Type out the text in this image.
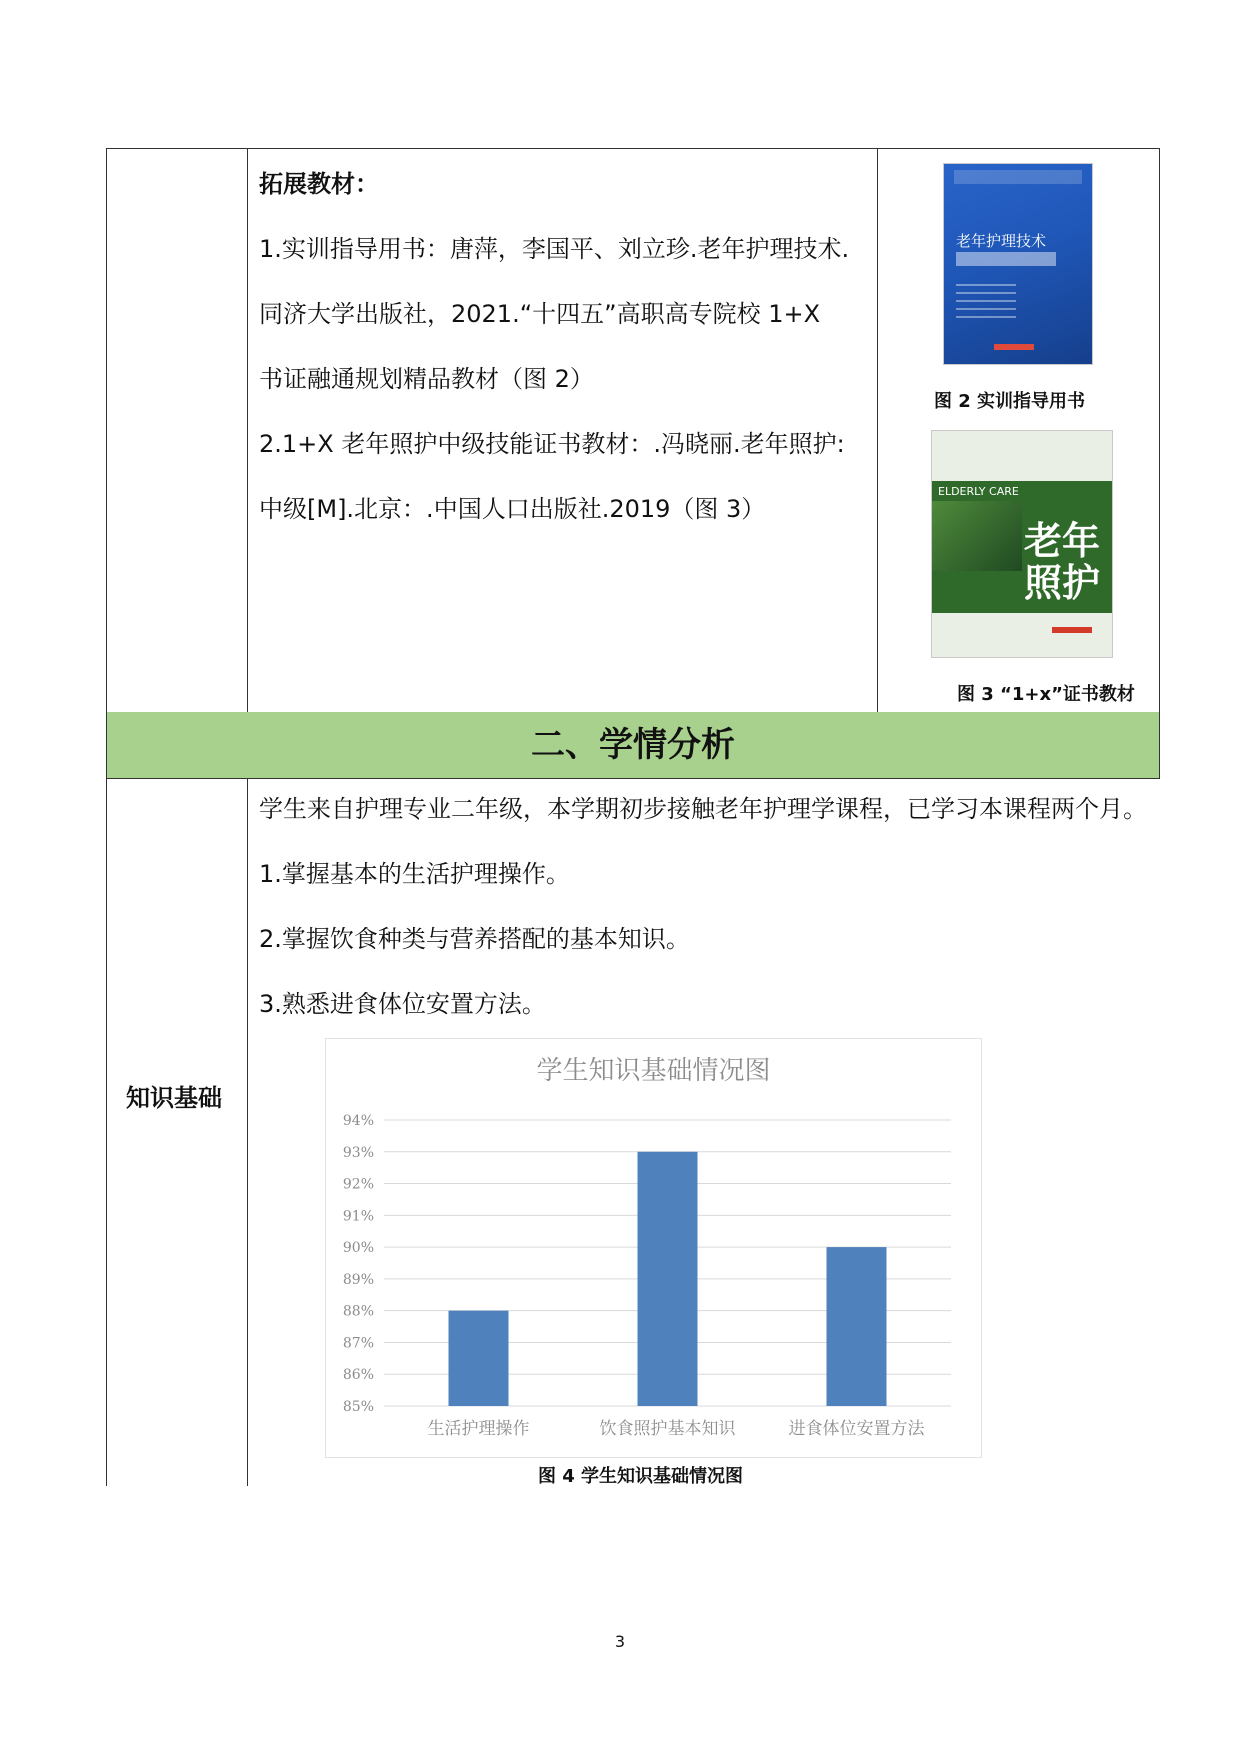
拓展教材：
1.实训指导用书：唐萍，李国平、刘立珍.老年护理技术.
同济大学出版社，2021.“十四五”高职高专院校 1+X
书证融通规划精品教材（图 2）
2.1+X 老年照护中级技能证书教材：.冯晓丽.老年照护:
中级[M].北京：.中国人口出版社.2019（图 3）
老年护理技术
图 2 实训指导用书
ELDERLY CARE
老年
照护
图 3 “1+x”证书教材
二、学情分析
知识基础
学生来自护理专业二年级，本学期初步接触老年护理学课程，已学习本课程两个月。
1.掌握基本的生活护理操作。
2.掌握饮食种类与营养搭配的基本知识。
3.熟悉进食体位安置方法。
学生知识基础情况图
85%
86%
87%
88%
89%
90%
91%
92%
93%
94%
生活护理操作	饮食照护基本知识	进食体位安置方法
图 4 学生知识基础情况图
3
